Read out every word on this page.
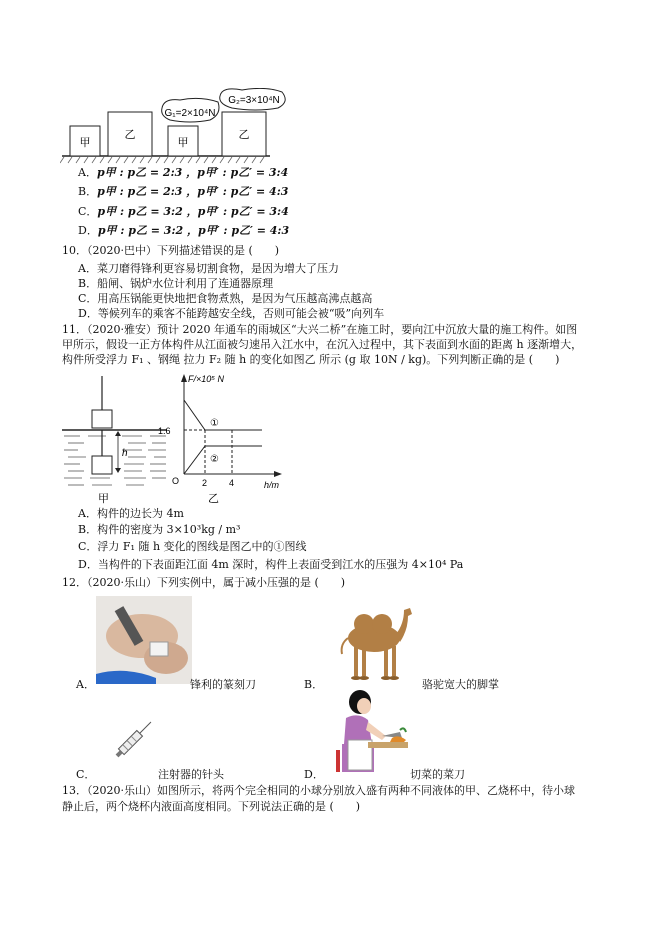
甲
乙
甲
G₁=2×10⁴N
乙
G₂=3×10⁴N
A．p甲 : p乙 = 2:3 ，p甲′ : p乙′ = 3:4
B．p甲 : p乙 = 2:3 ，p甲′ : p乙′ = 4:3
C．p甲 : p乙 = 3:2 ，p甲′ : p乙′ = 3:4
D．p甲 : p乙 = 3:2 ，p甲′ : p乙′ = 4:3
10．（2020·巴中）下列描述错误的是 (　　)
A．菜刀磨得锋利更容易切割食物，是因为增大了压力
B．船闸、锅炉水位计利用了连通器原理
C．用高压锅能更快地把食物煮熟，是因为气压越高沸点越高
D．等候列车的乘客不能跨越安全线，否则可能会被“吸”向列车
11．（2020·雅安）预计 2020 年通车的雨城区“大兴二桥”在施工时，要向江中沉放大量的施工构件。如图
甲所示，假设一正方体构件从江面被匀速吊入江水中，在沉入过程中，其下表面到水面的距离 h 逐渐增大，
构件所受浮力 F₁ 、钢绳 拉力 F₂ 随 h 的变化如图乙 所示 (g 取 10N / kg)。下列判断正确的是 (　　)
h
甲
F/×10⁵ N
h/m
O
1.6
2 4
①
②
乙
A．构件的边长为 4m
B．构件的密度为 3×10³kg / m³
C．浮力 F₁ 随 h 变化的图线是图乙中的①图线
D．当构件的下表面距江面 4m 深时，构件上表面受到江水的压强为 4×10⁴ Pa
12．（2020·乐山）下列实例中，属于减小压强的是 (　　)
A．	锋利的篆刻刀	B．	骆驼宽大的脚掌
C．	注射器的针头	D．	切菜的菜刀
13．（2020·乐山）如图所示，将两个完全相同的小球分别放入盛有两种不同液体的甲、乙烧杯中，待小球
静止后，两个烧杯内液面高度相同。下列说法正确的是 (　　)
